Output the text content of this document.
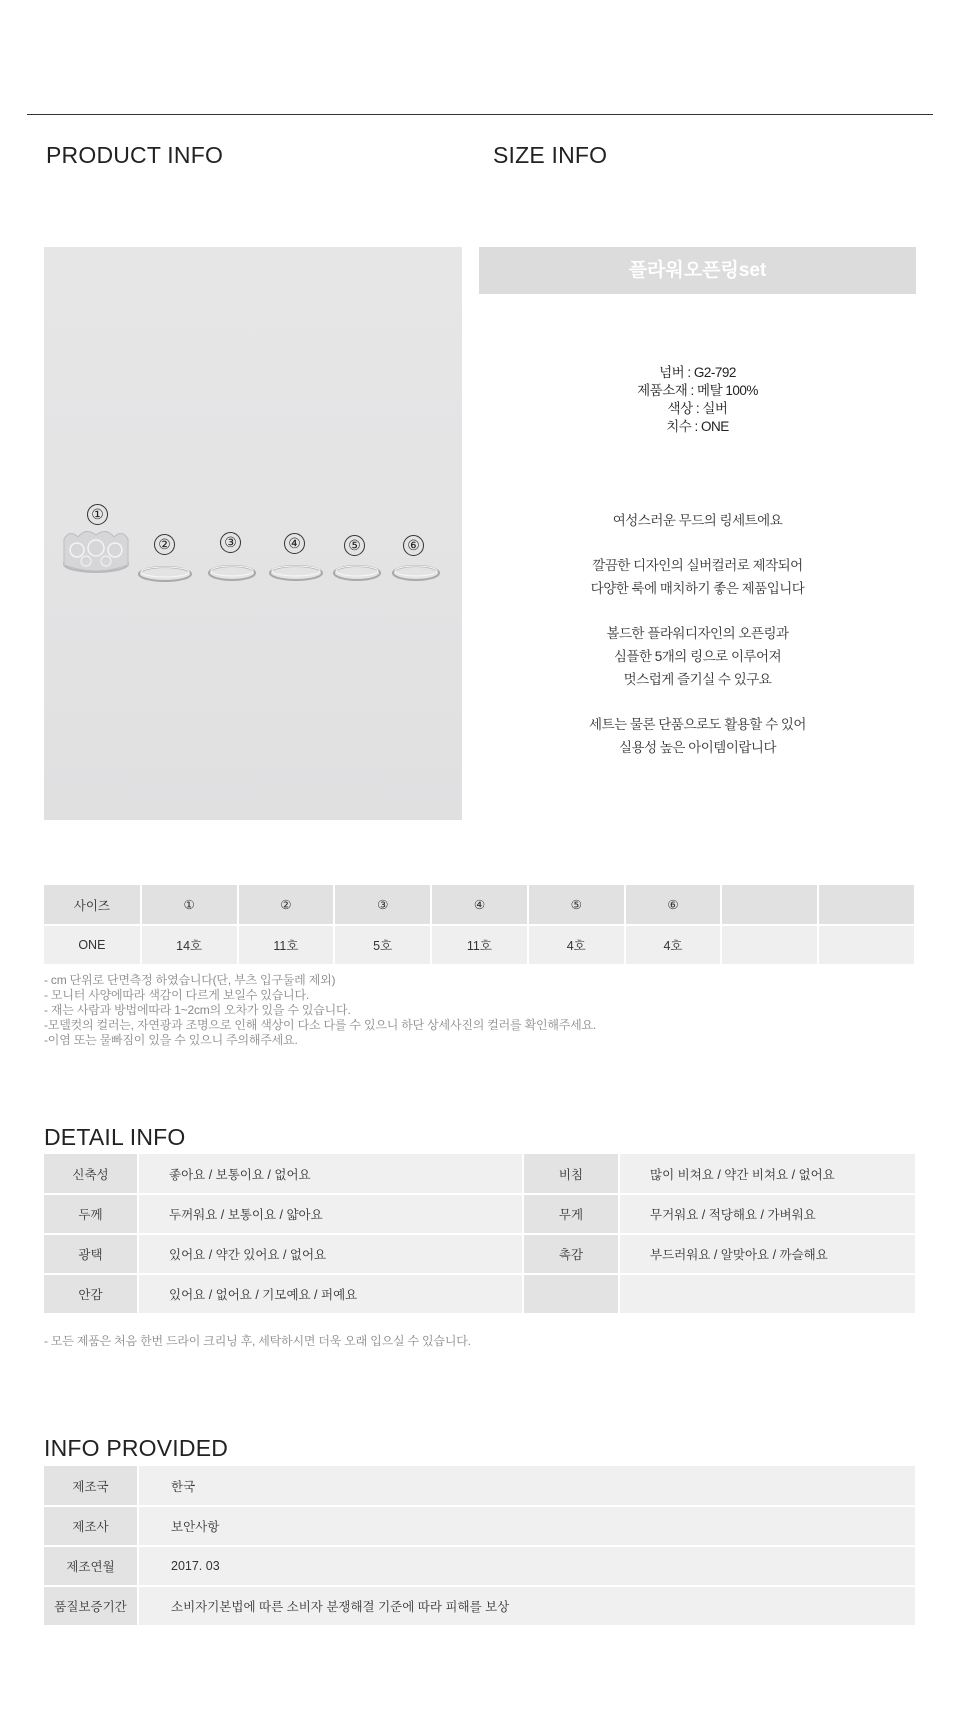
PRODUCT INFO	SIZE INFO
①
②	③	④	⑤	⑥
플라워오픈링set
넘버 : G2-792
제품소재 : 메탈 100%
색상 : 실버
치수 : ONE
여성스러운 무드의 링세트에요
깔끔한 디자인의 실버컬러로 제작되어
다양한 룩에 매치하기 좋은 제품입니다
볼드한 플라워디자인의 오픈링과
심플한 5개의 링으로 이루어져
멋스럽게 즐기실 수 있구요
세트는 물론 단품으로도 활용할 수 있어
실용성 높은 아이템이랍니다
사이즈	①	②	③	④	⑤	⑥		
ONE	14호	11호	5호	11호	4호	4호		
- cm 단위로 단면측정 하였습니다(단, 부츠 입구둘레 제외)
- 모니터 사양에따라 색감이 다르게 보일수 있습니다.
- 재는 사람과 방법에따라 1~2cm의 오차가 있을 수 있습니다.
-모델컷의 컬러는, 자연광과 조명으로 인해 색상이 다소 다를 수 있으니 하단 상세사진의 컬러를 확인해주세요.
-이염 또는 물빠짐이 있을 수 있으니 주의해주세요.
DETAIL INFO
신축성	좋아요 / 보통이요 / 없어요	비침	많이 비쳐요 / 약간 비쳐요 / 없어요
두께	두꺼워요 / 보통이요 / 얇아요	무게	무거워요 / 적당해요 / 가벼워요
광택	있어요 / 약간 있어요 / 없어요	촉감	부드러워요 / 알맞아요 / 까슬해요
안감	있어요 / 없어요 / 기모예요 / 퍼예요		
- 모든 제품은 처음 한번 드라이 크리닝 후, 세탁하시면 더욱 오래 입으실 수 있습니다.
INFO PROVIDED
제조국	한국
제조사	보안사항
제조연월	2017. 03
품질보증기간	소비자기본법에 따른 소비자 분쟁해결 기준에 따라 피해를 보상
